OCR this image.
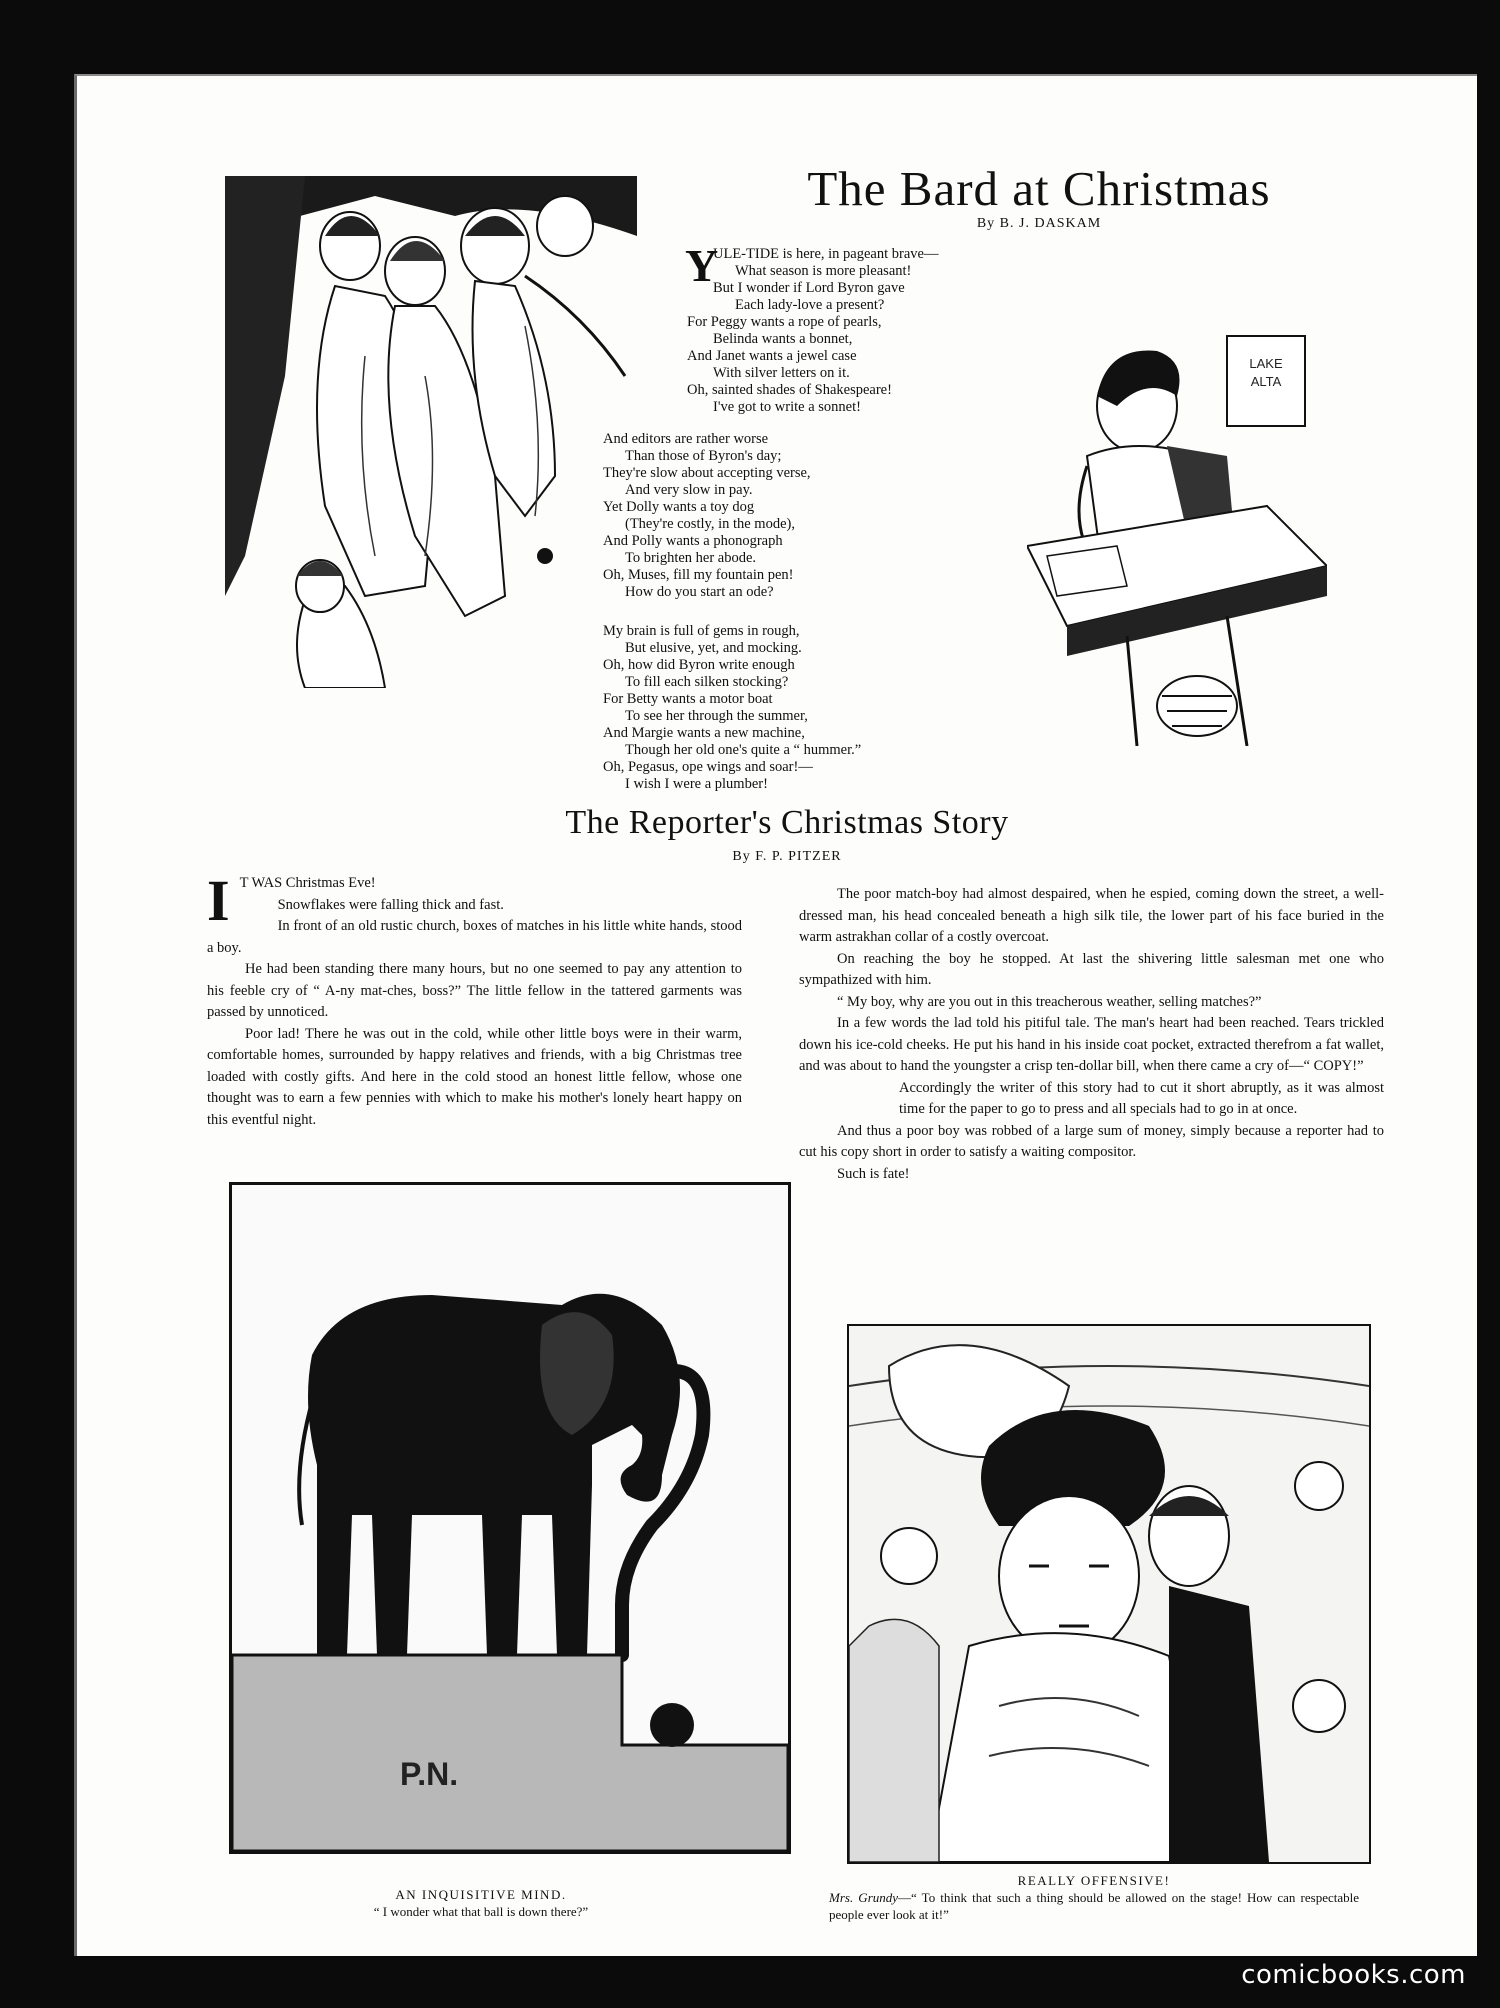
The Bard at Christmas
By B. J. DASKAM
Y
ULE-TIDE is here, in pageant brave—
What season is more pleasant!
But I wonder if Lord Byron gave
Each lady-love a present?
For Peggy wants a rope of pearls,
Belinda wants a bonnet,
And Janet wants a jewel case
With silver letters on it.
Oh, sainted shades of Shakespeare!
I've got to write a sonnet!
And editors are rather worse
Than those of Byron's day;
They're slow about accepting verse,
And very slow in pay.
Yet Dolly wants a toy dog
(They're costly, in the mode),
And Polly wants a phonograph
To brighten her abode.
Oh, Muses, fill my fountain pen!
How do you start an ode?
My brain is full of gems in rough,
But elusive, yet, and mocking.
Oh, how did Byron write enough
To fill each silken stocking?
For Betty wants a motor boat
To see her through the summer,
And Margie wants a new machine,
Though her old one's quite a “ hummer.”
Oh, Pegasus, ope wings and soar!—
I wish I were a plumber!
LAKE
ALTA
The Reporter's Christmas Story
By F. P. PITZER
I T WAS Christmas Eve!

Snowflakes were falling thick and fast.

In front of an old rustic church, boxes of matches in his little white hands, stood a boy.

He had been standing there many hours, but no one seemed to pay any attention to his feeble cry of “ A-ny mat-ches, boss?” The little fellow in the tattered garments was passed by unnoticed.

Poor lad! There he was out in the cold, while other little boys were in their warm, comfortable homes, surrounded by happy relatives and friends, with a big Christmas tree loaded with costly gifts. And here in the cold stood an honest little fellow, whose one thought was to earn a few pennies with which to make his mother's lonely heart happy on this eventful night.

The poor match-boy had almost despaired, when he espied, coming down the street, a well-dressed man, his head concealed beneath a high silk tile, the lower part of his face buried in the warm astrakhan collar of a costly overcoat.

On reaching the boy he stopped. At last the shivering little salesman met one who sympathized with him.

“ My boy, why are you out in this treacherous weather, selling matches?”

In a few words the lad told his pitiful tale. The man's heart had been reached. Tears trickled down his ice-cold cheeks. He put his hand in his inside coat pocket, extracted therefrom a fat wallet, and was about to hand the youngster a crisp ten-dollar bill, when there came a cry of—“ COPY!”

Accordingly the writer of this story had to cut it short abruptly, as it was almost time for the paper to go to press and all specials had to go in at once.

And thus a poor boy was robbed of a large sum of money, simply because a reporter had to cut his copy short in order to satisfy a waiting compositor.

Such is fate!

P.N.
AN INQUISITIVE MIND.
“ I wonder what that ball is down there?”
REALLY OFFENSIVE!
Mrs. Grundy—“ To think that such a thing should be allowed on the stage! How can respectable people ever look at it!”
comicbooks.com
